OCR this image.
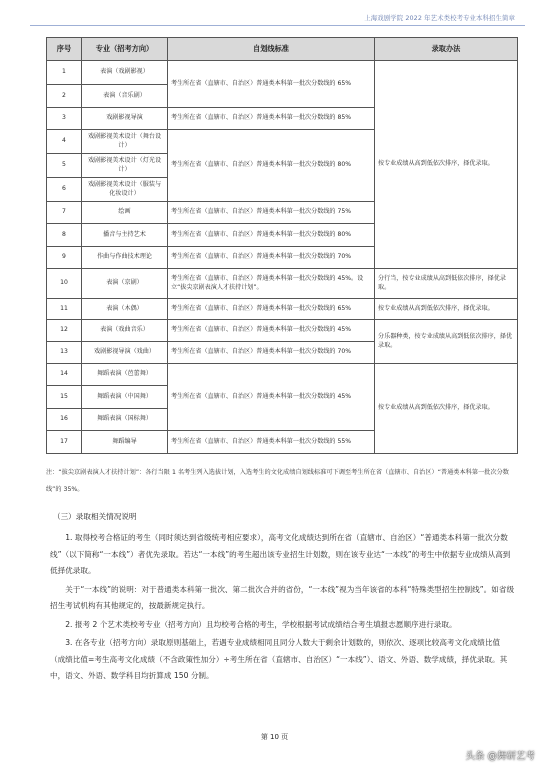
上海戏剧学院 2022 年艺术类校考专业本科招生简章
序号	专业（招考方向）	自划线标准	录取办法
1	表演（戏剧影视）	考生所在省（直辖市、自治区）普通类本科第一批次分数线的 65%	按专业成绩从高到低依次排序，择优录取。
2	表演（音乐剧）		
3	戏剧影视导演	考生所在省（直辖市、自治区）普通类本科第一批次分数线的 85%	
4	戏剧影视美术设计（舞台设计）	考生所在省（直辖市、自治区）普通类本科第一批次分数线的 80%	
5	戏剧影视美术设计（灯光设计）		
6	戏剧影视美术设计（服装与化妆设计）		
7	绘画	考生所在省（直辖市、自治区）普通类本科第一批次分数线的 75%	
8	播音与主持艺术	考生所在省（直辖市、自治区）普通类本科第一批次分数线的 80%	
9	作曲与作曲技术理论	考生所在省（直辖市、自治区）普通类本科第一批次分数线的 70%	
10	表演（京剧）	考生所在省（直辖市、自治区）普通类本科第一批次分数线的 45%。设立“拔尖京剧表演人才扶持计划”。	分行当，按专业成绩从高到低依次排序，择优录取。
11	表演（木偶）	考生所在省（直辖市、自治区）普通类本科第一批次分数线的 65%	按专业成绩从高到低依次排序，择优录取。
12	表演（戏曲音乐）	考生所在省（直辖市、自治区）普通类本科第一批次分数线的 45%	分乐器种类，按专业成绩从高到低依次排序，择优录取。
13	戏剧影视导演（戏曲）	考生所在省（直辖市、自治区）普通类本科第一批次分数线的 70%	
14	舞蹈表演（芭蕾舞）	考生所在省（直辖市、自治区）普通类本科第一批次分数线的 45%	按专业成绩从高到低依次排序，择优录取。
15	舞蹈表演（中国舞）		
16	舞蹈表演（国标舞）		
17	舞蹈编导	考生所在省（直辖市、自治区）普通类本科第一批次分数线的 55%	
注：“拔尖京剧表演人才扶持计划”：各行当限 1 名考生列入选拔计划，入选考生的文化成绩自划线标准可下调至考生所在省（直辖市、自治区）“普通类本科第一批次分数线”的 35%。
（三）录取相关情况说明

1. 取得校考合格证的考生（同时须达到省级统考相应要求），高考文化成绩达到所在省（直辖市、自治区）“普通类本科第一批次分数线”（以下简称“一本线”）者优先录取。若达“一本线”的考生超出该专业招生计划数，则在该专业达“一本线”的考生中依据专业成绩从高到低择优录取。

关于“一本线”的说明：对于普通类本科第一批次、第二批次合并的省份，“一本线”视为当年该省的本科“特殊类型招生控制线”。如省级招生考试机构有其他规定的，按最新规定执行。

2. 报考 2 个艺术类校考专业（招考方向）且均校考合格的考生，学校根据考试成绩结合考生填报志愿顺序进行录取。

3. 在各专业（招考方向）录取原则基础上，若遇专业成绩相同且同分人数大于剩余计划数的，则依次、逐项比较高考文化成绩比值（成绩比值=考生高考文化成绩（不含政策性加分）÷考生所在省（直辖市、自治区）“一本线”）、语文、外语、数学成绩，择优录取。其中，语文、外语、数学科目均折算成 150 分制。

第 10 页
头条 @舞研艺考
